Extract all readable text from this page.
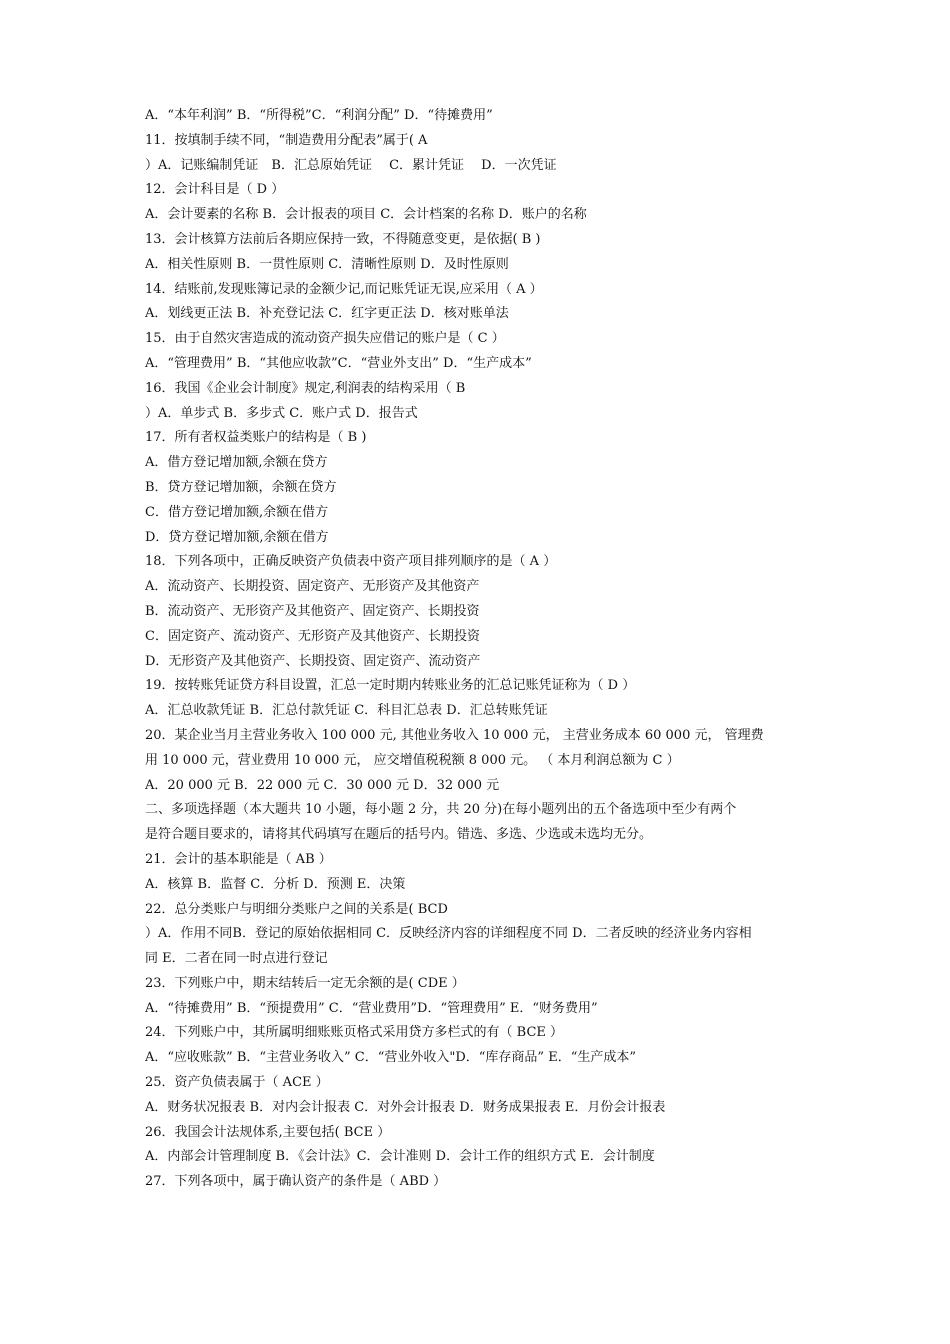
A．“本年利润” B．“所得税”C．“利润分配” D．“待摊费用”
11．按填制手续不同，“制造费用分配表”属于( A
）A．记账编制凭证　B．汇总原始凭证　 C．累计凭证　 D．一次凭证
12．会计科目是（ D ）
A．会计要素的名称 B．会计报表的项目 C．会计档案的名称 D．账户的名称
13．会计核算方法前后各期应保持一致，不得随意变更，是依据( B )
A．相关性原则 B．一贯性原则 C．清晰性原则 D．及时性原则
14．结账前,发现账簿记录的金额少记,而记账凭证无误,应采用（ A ）
A．划线更正法 B．补充登记法 C．红字更正法 D．核对账单法
15．由于自然灾害造成的流动资产损失应借记的账户是（ C ）
A．“管理费用” B．“其他应收款”C．“营业外支出” D．“生产成本”
16．我国《企业会计制度》规定,利润表的结构采用（ B
）A．单步式 B．多步式 C．账户式 D．报告式
17．所有者权益类账户的结构是（ B )
A．借方登记增加额,余额在贷方
B．贷方登记增加额，余额在贷方
C．借方登记增加额,余额在借方
D．贷方登记增加额,余额在借方
18．下列各项中，正确反映资产负债表中资产项目排列顺序的是（ A ）
A．流动资产、长期投资、固定资产、无形资产及其他资产
B．流动资产、无形资产及其他资产、固定资产、长期投资
C．固定资产、流动资产、无形资产及其他资产、长期投资
D．无形资产及其他资产、长期投资、固定资产、流动资产
19．按转账凭证贷方科目设置，汇总一定时期内转账业务的汇总记账凭证称为（ D ）
A．汇总收款凭证 B．汇总付款凭证 C．科目汇总表 D．汇总转账凭证
20．某企业当月主营业务收入 100 000 元, 其他业务收入 10 000 元， 主营业务成本 60 000 元， 管理费
用 10 000 元，营业费用 10 000 元， 应交增值税税额 8 000 元。 （ 本月利润总额为 C ）
A．20 000 元 B．22 000 元 C．30 000 元 D．32 000 元
二、多项选择题（本大题共 10 小题，每小题 2 分，共 20 分)在每小题列出的五个备选项中至少有两个
是符合题目要求的，请将其代码填写在题后的括号内。错选、多选、少选或未选均无分。
21．会计的基本职能是（ AB ）
A．核算 B．监督 C．分析 D．预测 E．决策
22．总分类账户与明细分类账户之间的关系是( BCD
）A．作用不同B．登记的原始依据相同 C．反映经济内容的详细程度不同 D．二者反映的经济业务内容相
同 E．二者在同一时点进行登记
23．下列账户中，期末结转后一定无余额的是( CDE ）
A．“待摊费用” B．“预提费用” C．“营业费用”D．“管理费用” E．“财务费用”
24．下列账户中，其所属明细账账页格式采用贷方多栏式的有（ BCE ）
A．“应收账款” B．“主营业务收入” C．“营业外收入"D．“库存商品” E．“生产成本”
25．资产负债表属于（ ACE ）
A．财务状况报表 B．对内会计报表 C．对外会计报表 D．财务成果报表 E．月份会计报表
26．我国会计法规体系,主要包括( BCE ）
A．内部会计管理制度 B．《会计法》C．会计准则 D．会计工作的组织方式 E．会计制度
27．下列各项中，属于确认资产的条件是（ ABD ）
